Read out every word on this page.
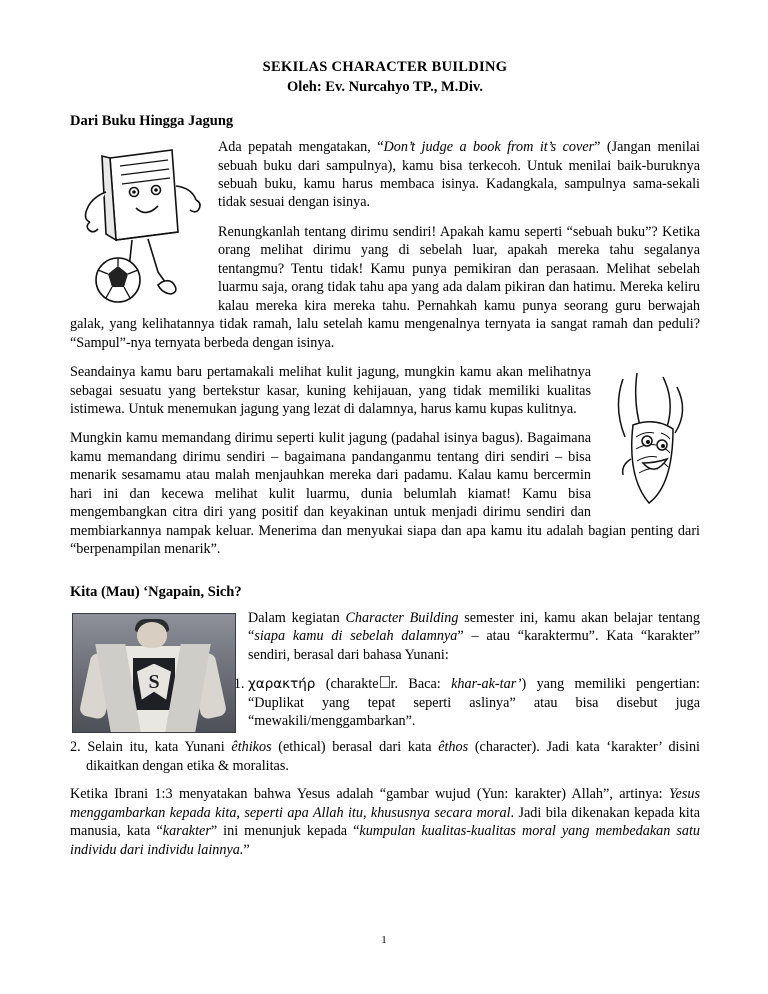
SEKILAS CHARACTER BUILDING
Oleh: Ev. Nurcahyo TP., M.Div.
Dari Buku Hingga Jagung

Ada pepatah mengatakan, “Don’t judge a book from it’s cover” (Jangan menilai sebuah buku dari sampulnya), kamu bisa terkecoh. Untuk menilai baik-buruknya sebuah buku, kamu harus membaca isinya. Kadangkala, sampulnya sama-sekali tidak sesuai dengan isinya.

Renungkanlah tentang dirimu sendiri! Apakah kamu seperti “sebuah buku”? Ketika orang melihat dirimu yang di sebelah luar, apakah mereka tahu segalanya tentangmu? Tentu tidak! Kamu punya pemikiran dan perasaan. Melihat sebelah luarmu saja, orang tidak tahu apa yang ada dalam pikiran dan hatimu. Mereka keliru kalau mereka kira mereka tahu. Pernahkah kamu punya seorang guru berwajah galak, yang kelihatannya tidak ramah, lalu setelah kamu mengenalnya ternyata ia sangat ramah dan peduli? “Sampul”-nya ternyata berbeda dengan isinya.

Seandainya kamu baru pertamakali melihat kulit jagung, mungkin kamu akan melihatnya sebagai sesuatu yang bertekstur kasar, kuning kehijauan, yang tidak memiliki kualitas istimewa. Untuk menemukan jagung yang lezat di dalamnya, harus kamu kupas kulitnya.

Mungkin kamu memandang dirimu seperti kulit jagung (padahal isinya bagus). Bagaimana kamu memandang dirimu sendiri – bagaimana pandanganmu tentang diri sendiri – bisa menarik sesamamu atau malah menjauhkan mereka dari padamu. Kalau kamu bercermin hari ini dan kecewa melihat kulit luarmu, dunia belumlah kiamat! Kamu bisa mengembangkan citra diri yang positif dan keyakinan untuk menjadi dirimu sendiri dan membiarkannya nampak keluar. Menerima dan menyukai siapa dan apa kamu itu adalah bagian penting dari “berpenampilan menarik”.

Kita (Mau) ‘Ngapain, Sich?
S

Dalam kegiatan Character Building semester ini, kamu akan belajar tentang “siapa kamu di sebelah dalamnya” – atau “karaktermu”. Kata “karakter” sendiri, berasal dari bahasa Yunani:

1. χαρακτήρ (charakte r. Baca: khar-ak-tar’) yang memiliki pengertian: “Duplikat yang tepat seperti aslinya” atau bisa disebut juga “mewakili/menggambarkan”.
2. Selain itu, kata Yunani êthikos (ethical) berasal dari kata êthos (character). Jadi kata ‘karakter’ disini dikaitkan dengan etika & moralitas.

Ketika Ibrani 1:3 menyatakan bahwa Yesus adalah “gambar wujud (Yun: karakter) Allah”, artinya: Yesus menggambarkan kepada kita, seperti apa Allah itu, khususnya secara moral. Jadi bila dikenakan kepada kita manusia, kata “karakter” ini menunjuk kepada “kumpulan kualitas-kualitas moral yang membedakan satu individu dari individu lainnya.”

1
